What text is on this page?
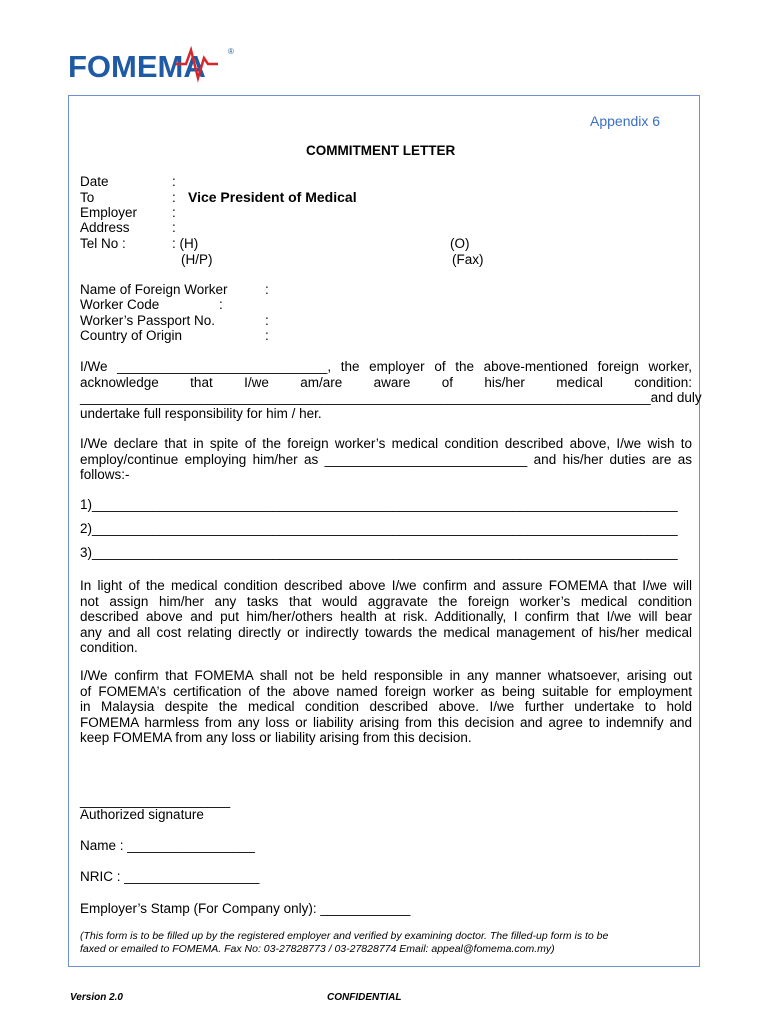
FOMEMA	®
Appendix 6
COMMITMENT LETTER
Date	:
To	: Vice President of Medical
Employer	:
Address	:
Tel No :	: (H)	(O)
(H/P)	(Fax)
Name of Foreign Worker	:
Worker Code	:
Worker’s Passport No.	:
Country of Origin	:
I/We ____________________________, the employer of the above-mentioned foreign worker,
acknowledge that I/we am/are aware of his/her medical condition:
____________________________________________________________________________and duly
undertake full responsibility for him / her.
I/We declare that in spite of the foreign worker’s medical condition described above, I/we wish to
employ/continue employing him/her as ___________________________ and his/her duties are as
follows:-
1)______________________________________________________________________________
2)______________________________________________________________________________
3)______________________________________________________________________________
In light of the medical condition described above I/we confirm and assure FOMEMA that I/we will
not assign him/her any tasks that would aggravate the foreign worker’s medical condition
described above and put him/her/others health at risk. Additionally, I confirm that I/we will bear
any and all cost relating directly or indirectly towards the medical management of his/her medical
condition.
I/We confirm that FOMEMA shall not be held responsible in any manner whatsoever, arising out
of FOMEMA’s certification of the above named foreign worker as being suitable for employment
in Malaysia despite the medical condition described above. I/we further undertake to hold
FOMEMA harmless from any loss or liability arising from this decision and agree to indemnify and
keep FOMEMA from any loss or liability arising from this decision.
____________________
Authorized signature
Name : _________________
NRIC : __________________
Employer’s Stamp (For Company only): ____________
(This form is to be filled up by the registered employer and verified by examining doctor. The filled-up form is to be
faxed or emailed to FOMEMA. Fax No: 03-27828773 / 03-27828774 Email: appeal@fomema.com.my)
Version 2.0	CONFIDENTIAL
